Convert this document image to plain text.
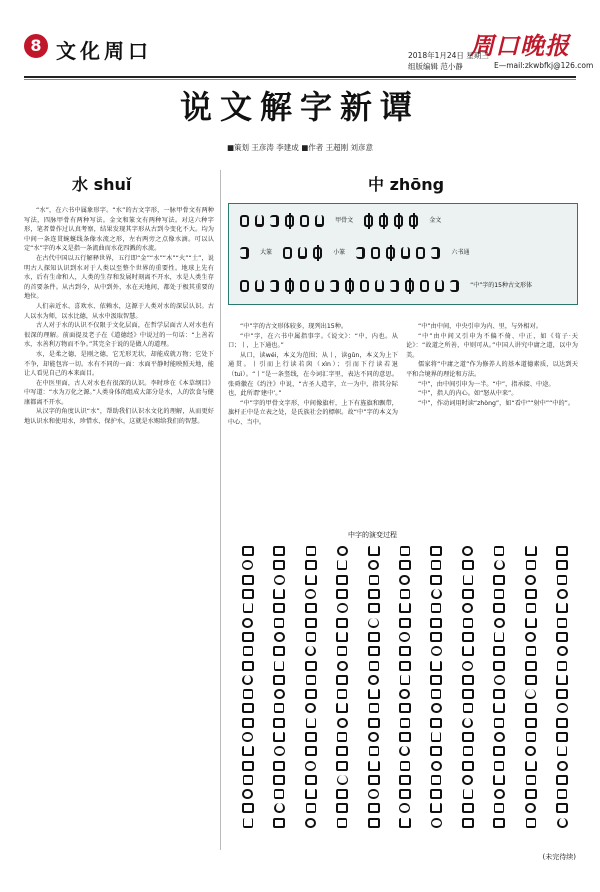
8 文化周口	周口晚报
2018年1月24日 星期三
组版编辑 范小静	E—mail:zkwbfkj@126.com
说文解字新谭
■策划 王彦涛 李建成 ■作者 王超刚 刘彦意
水 shuǐ

“水”，在六书中属象形字。“水”的古文字形，一脉甲骨文有两种写法，四脉甲骨有两种写法。金文和篆文有两种写法。对这六种字形，笔者曾作过认真考察，结果发现其字形从古到今变化不大。均为中间一条连贯蜿蜒线条像水流之形，左右两旁之点像水滴。可以认定“水”字的本义是指一条流曲而水花四溅的水流。

在古代中国以五行解释世界，五行即“金”“水”“木”“火”“土”，说明古人探知认识到水对于人类以至整个世界的重要性。地球上先有水，后有生命和人，人类的生存和发展时刻离不开水，水是人类生存的首要条件。从古到今，从中到外，水在天地间，都处于极其重要的地位。

人们亲近水、喜欢水、依赖水，这源于人类对水的深层认识。古人以水为师，以水比德，从水中汲取智慧。

古人对于水的认识不仅限于文化层面，在哲学层面古人对水也有很深的理解。前面提及老子在《道德经》中说过的一句话：“上善若水，水善利万物而不争。”其完全于说的是做人的道理。

水，是柔之德，是刚之德，它无形无状，却能成就万物；它处下不争，却能包容一切。水有不同的一面：水面平静时能映照天地，能让人看见自己的本来面目。

在中医里面，古人对水也有很深的认识。李时珍在《本草纲目》中写道：“水为万化之源。”人类身体的组成大部分是水，人的饮食与健康都离不开水。

从汉字的角度认识“水”，帮助我们认识水文化的理解，从而更好地认识水和使用水，珍惜水、保护水，这就是水赐给我们的智慧。

中 zhōng
甲骨文	金文
大篆	小篆	六书通
“中”字的15种古文形体

“中”字的古文形体较多，现列出15种。

“中”字，在六书中属指事字。《说文》：“中，内也。从口；丨，上下通也。”

从口，读wéi，本义为范围；从丨，读gǔn，本义为上下通贯。丨引而上行读若囟（xìn）；引而下行读若退（tuì）。“丨”是一条竖线，在今词汇字里，表达不同的意思。张舜徽在《约注》中说，“古圣人造字，立一为中，指其分际也，此所谓‘建中’。”

“中”字的甲骨文字形，中间像旗杆，上下有旌旗和飘带，旗杆正中是立表之处，是氏族社会的標帜。故“中”字的本义为中心、当中。

“中”由中间，中央引申为内、里，与外相对。

“中”由中间又引申为不偏不倚、中正，如《荀子·天论》：“故道之所善，中则可从。”中国人讲究中庸之道，以中为美。

儒家将“中庸之道”作为修养人的基本道德素质，以达到天平和合境界的理论和方法。

“中”，由中间引申为一半。“中”，指承接、中途。

“中”，指人的内心。如“怒从中来”。

“中”，作动词用时读“zhòng”，如“看中”“射中”“中的”。

中字的演变过程
(未完待续)
